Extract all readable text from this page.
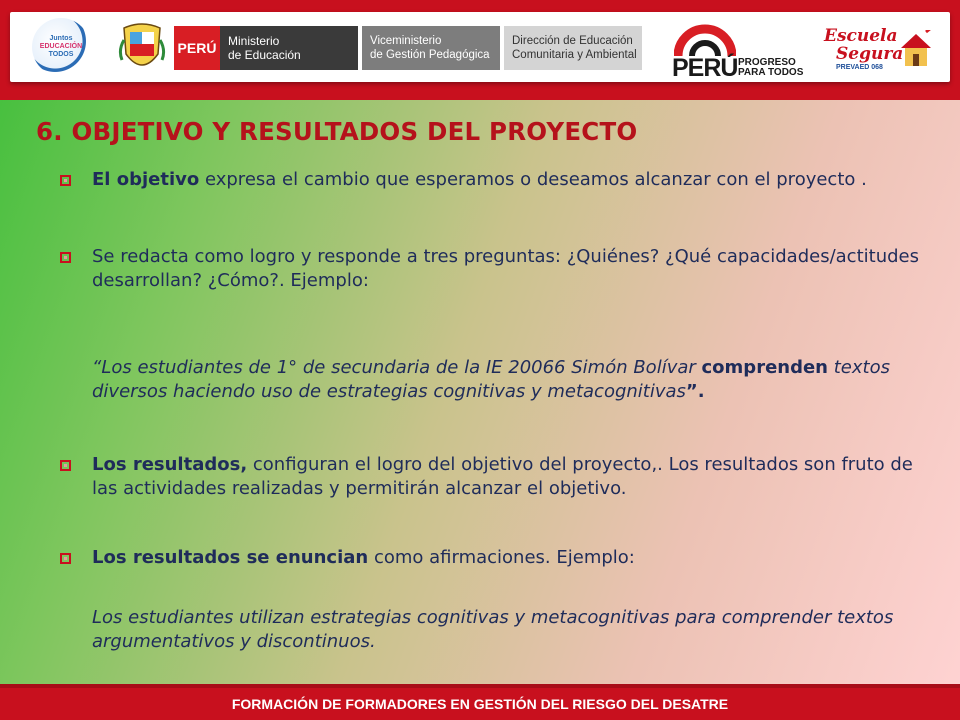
Juntos
EDUCACIÓN
TODOS	PERÚ Ministerio
de Educación
Viceministerio
de Gestión Pedagógica
Dirección de Educación
Comunitaria y Ambiental PERÚ PROGRESO
PARA TODOS
Escuela
Segura
PREVAED 068
6. OBJETIVO Y RESULTADOS DEL PROYECTO
El objetivo expresa el cambio que esperamos o deseamos alcanzar con el proyecto .
Se redacta como logro y responde a tres preguntas: ¿Quiénes? ¿Qué capacidades/actitudes desarrollan? ¿Cómo?. Ejemplo:
“Los estudiantes de 1° de secundaria de la IE 20066 Simón Bolívar comprenden textos diversos haciendo uso de estrategias cognitivas y metacognitivas”.
Los resultados, configuran el logro del objetivo del proyecto,. Los resultados son fruto de las actividades realizadas y permitirán alcanzar el objetivo.
Los resultados se enuncian como afirmaciones. Ejemplo:
Los estudiantes utilizan estrategias cognitivas y metacognitivas para comprender textos argumentativos y discontinuos.
FORMACIÓN DE FORMADORES EN GESTIÓN DEL RIESGO DEL DESATRE
